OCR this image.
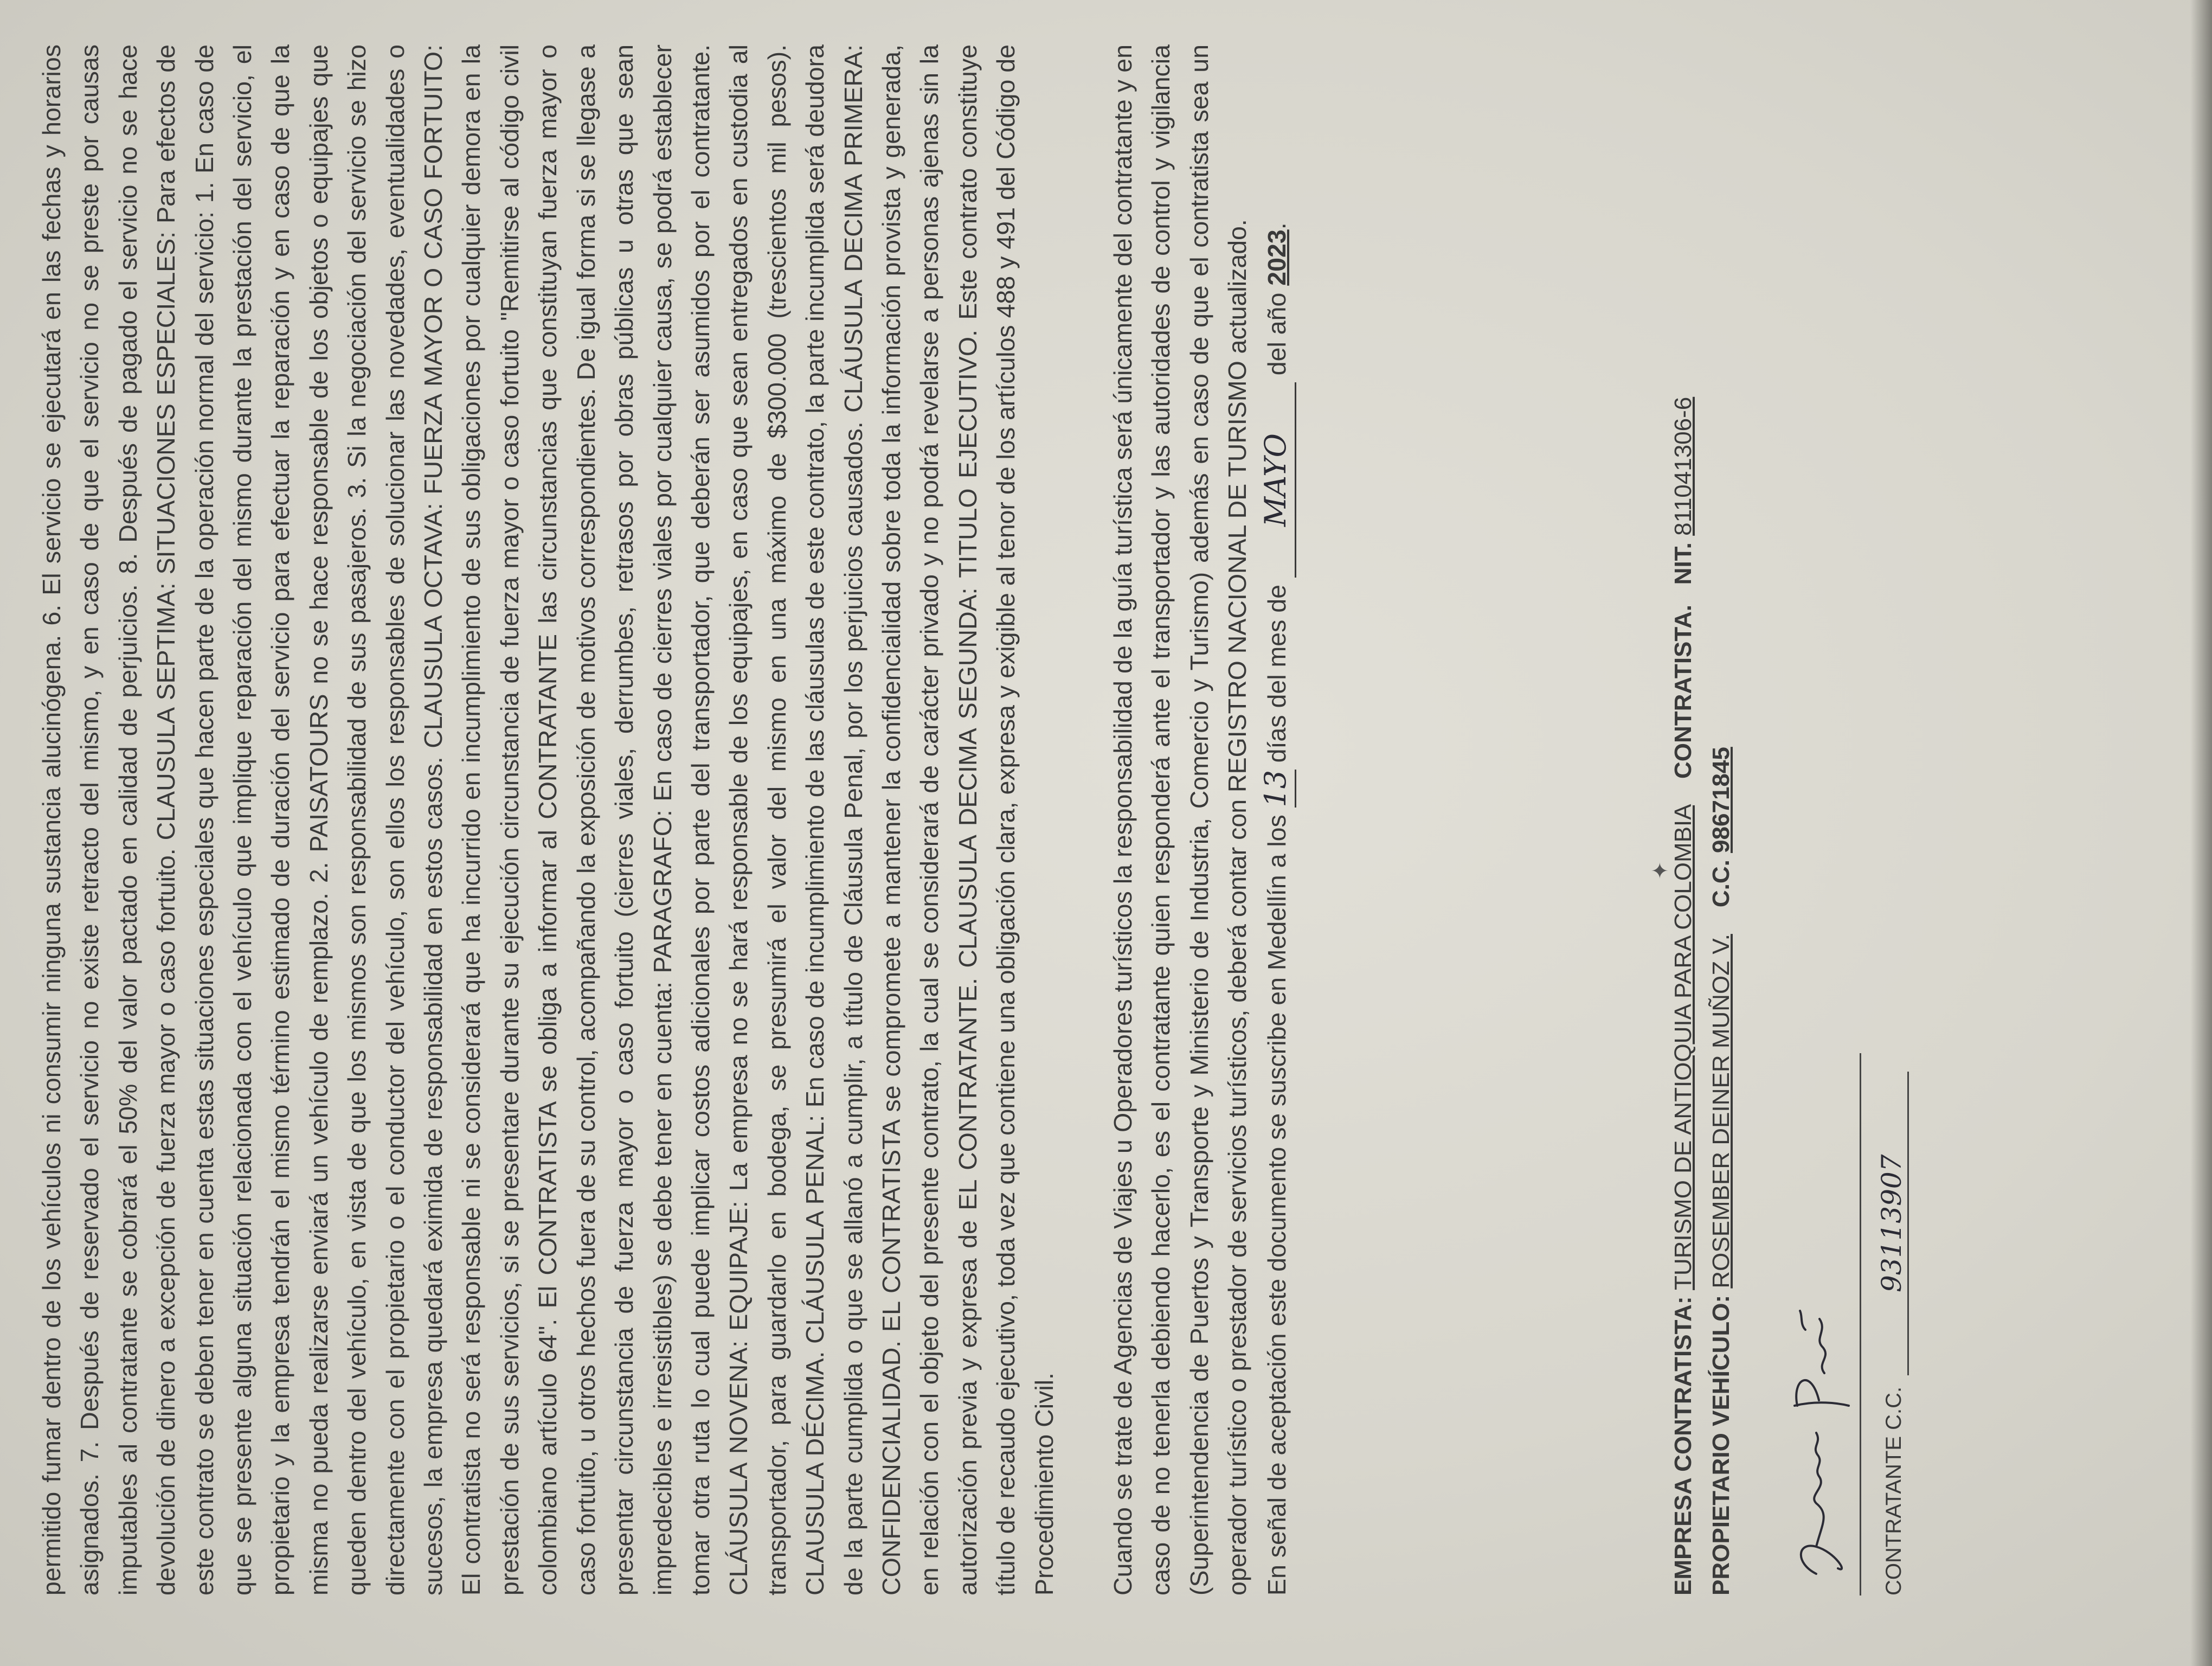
permitido fumar dentro de los vehículos ni consumir ninguna sustancia alucinógena. 6. El servicio se ejecutará en las fechas y horarios asignados. 7. Después de reservado el servicio no existe retracto del mismo, y en caso de que el servicio no se preste por causas imputables al contratante se cobrará el 50% del valor pactado en calidad de perjuicios. 8. Después de pagado el servicio no se hace devolución de dinero a excepción de fuerza mayor o caso fortuito. CLAUSULA SEPTIMA: SITUACIONES ESPECIALES: Para efectos de este contrato se deben tener en cuenta estas situaciones especiales que hacen parte de la operación normal del servicio: 1. En caso de que se presente alguna situación relacionada con el vehículo que implique reparación del mismo durante la prestación del servicio, el propietario y la empresa tendrán el mismo término estimado de duración del servicio para efectuar la reparación y en caso de que la misma no pueda realizarse enviará un vehículo de remplazo. 2. PAISATOURS no se hace responsable de los objetos o equipajes que queden dentro del vehículo, en vista de que los mismos son responsabilidad de sus pasajeros. 3. Si la negociación del servicio se hizo directamente con el propietario o el conductor del vehículo, son ellos los responsables de solucionar las novedades, eventualidades o sucesos, la empresa quedará eximida de responsabilidad en estos casos. CLAUSULA OCTAVA: FUERZA MAYOR O CASO FORTUITO: El contratista no será responsable ni se considerará que ha incurrido en incumplimiento de sus obligaciones por cualquier demora en la prestación de sus servicios, si se presentare durante su ejecución circunstancia de fuerza mayor o caso fortuito "Remitirse al código civil colombiano artículo 64". El CONTRATISTA se obliga a informar al CONTRATANTE las circunstancias que constituyan fuerza mayor o caso fortuito, u otros hechos fuera de su control, acompañando la exposición de motivos correspondientes. De igual forma si se llegase a presentar circunstancia de fuerza mayor o caso fortuito (cierres viales, derrumbes, retrasos por obras públicas u otras que sean impredecibles e irresistibles) se debe tener en cuenta: PARAGRAFO: En caso de cierres viales por cualquier causa, se podrá establecer tomar otra ruta lo cual puede implicar costos adicionales por parte del transportador, que deberán ser asumidos por el contratante. CLÁUSULA NOVENA: EQUIPAJE: La empresa no se hará responsable de los equipajes, en caso que sean entregados en custodia al transportador, para guardarlo en bodega, se presumirá el valor del mismo en una máximo de $300.000 (trescientos mil pesos). CLAUSULA DÉCIMA. CLÁUSULA PENAL: En caso de incumplimiento de las cláusulas de este contrato, la parte incumplida será deudora de la parte cumplida o que se allanó a cumplir, a título de Cláusula Penal, por los perjuicios causados. CLÁUSULA DECIMA PRIMERA: CONFIDENCIALIDAD. EL CONTRATISTA se compromete a mantener la confidencialidad sobre toda la información provista y generada, en relación con el objeto del presente contrato, la cual se considerará de carácter privado y no podrá revelarse a personas ajenas sin la autorización previa y expresa de EL CONTRATANTE. CLAUSULA DECIMA SEGUNDA: TITULO EJECUTIVO. Este contrato constituye título de recaudo ejecutivo, toda vez que contiene una obligación clara, expresa y exigible al tenor de los artículos 488 y 491 del Código de Procedimiento Civil. Cuando se trate de Agencias de Viajes u Operadores turísticos la responsabilidad de la guía turística será únicamente del contratante y en caso de no tenerla debiendo hacerlo, es el contratante quien responderá ante el transportador y las autoridades de control y vigilancia (Superintendencia de Puertos y Transporte y Ministerio de Industria, Comercio y Turismo) además en caso de que el contratista sea un operador turístico o prestador de servicios turísticos, deberá contar con REGISTRO NACIONAL DE TURISMO actualizado. En señal de aceptación este documento se suscribe en Medellín a los 13 días del mes de MAYO del año 2023.

EMPRESA CONTRATISTA: TURISMO DE ANTIOQUIA PARA COLOMBIA    CONTRATISTA.   NIT. 811041306-6
PROPIETARIO VEHÍCULO: ROSEMBER DEINER MUÑOZ V.    C.C. 98671845
✦
Jwori Peña	CONTRATANTE C.C. 93113907
